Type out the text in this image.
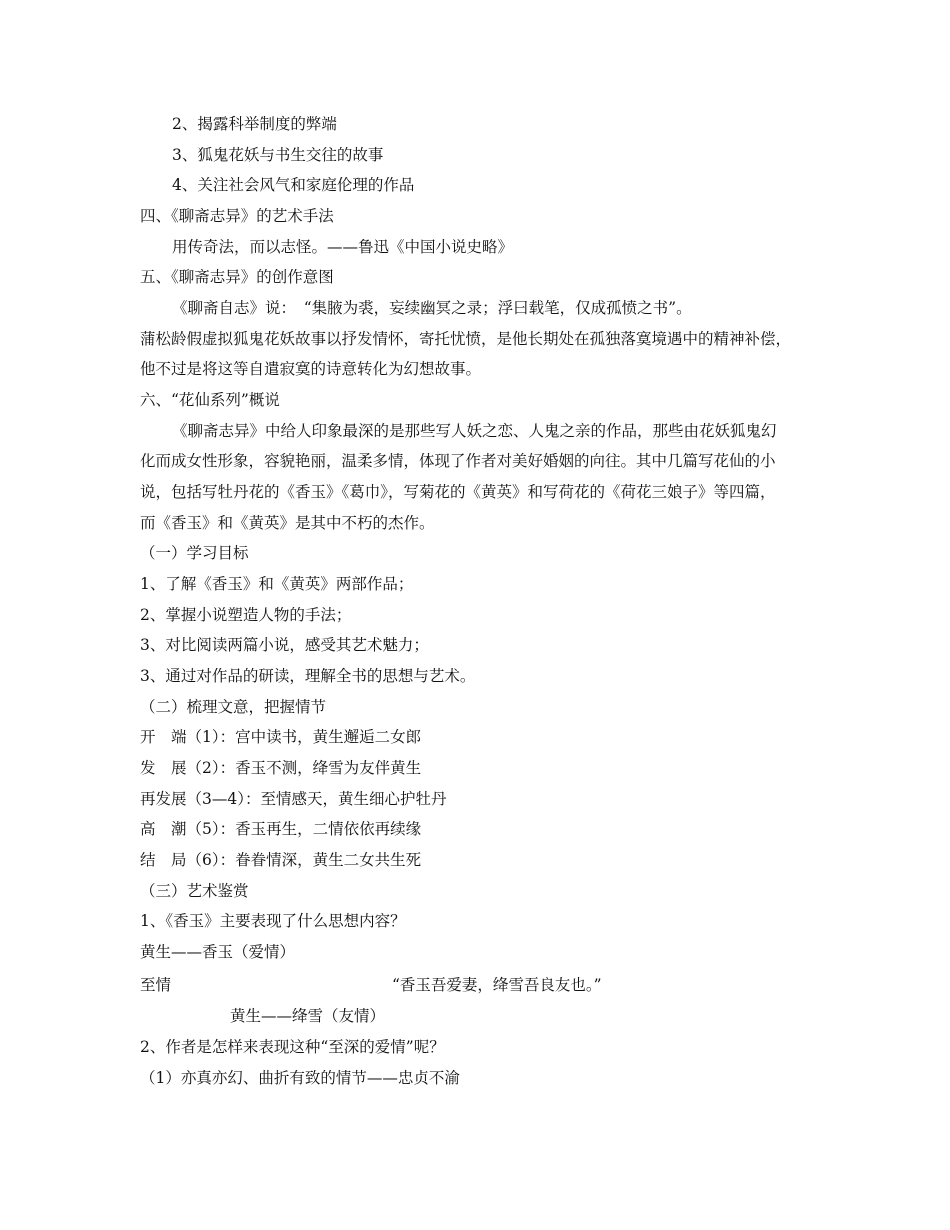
2、揭露科举制度的弊端
3、狐鬼花妖与书生交往的故事
4、关注社会风气和家庭伦理的作品
四、《聊斋志异》的艺术手法
用传奇法，而以志怪。——鲁迅《中国小说史略》
五、《聊斋志异》的创作意图
《聊斋自志》说：　“集腋为裘，妄续幽冥之录；浮曰载笔，仅成孤愤之书”。
蒲松龄假虚拟狐鬼花妖故事以抒发情怀，寄托忧愤，是他长期处在孤独落寞境遇中的精神补偿，
他不过是将这等自遣寂寞的诗意转化为幻想故事。
六、“花仙系列”概说
《聊斋志异》中给人印象最深的是那些写人妖之恋、人鬼之亲的作品，那些由花妖狐鬼幻
化而成女性形象，容貌艳丽，温柔多情，体现了作者对美好婚姻的向往。其中几篇写花仙的小
说，包括写牡丹花的《香玉》《葛巾》，写菊花的《黄英》和写荷花的《荷花三娘子》等四篇，
而《香玉》和《黄英》是其中不朽的杰作。
（一）学习目标
1、了解《香玉》和《黄英》两部作品；
2、掌握小说塑造人物的手法；
3、对比阅读两篇小说，感受其艺术魅力；
3、通过对作品的研读，理解全书的思想与艺术。
（二）梳理文意，把握情节
开　端（1）：宫中读书，黄生邂逅二女郎
发　展（2）：香玉不测，绛雪为友伴黄生
再发展（3—4）：至情感天，黄生细心护牡丹
高　潮（5）：香玉再生，二情依依再续缘
结　局（6）：眷眷情深，黄生二女共生死
（三）艺术鉴赏
1、《香玉》主要表现了什么思想内容？
黄生——香玉（爱情）
至情	“香玉吾爱妻，绛雪吾良友也。”
黄生——绛雪（友情）
2、作者是怎样来表现这种“至深的爱情”呢？
（1）亦真亦幻、曲折有致的情节——忠贞不渝
